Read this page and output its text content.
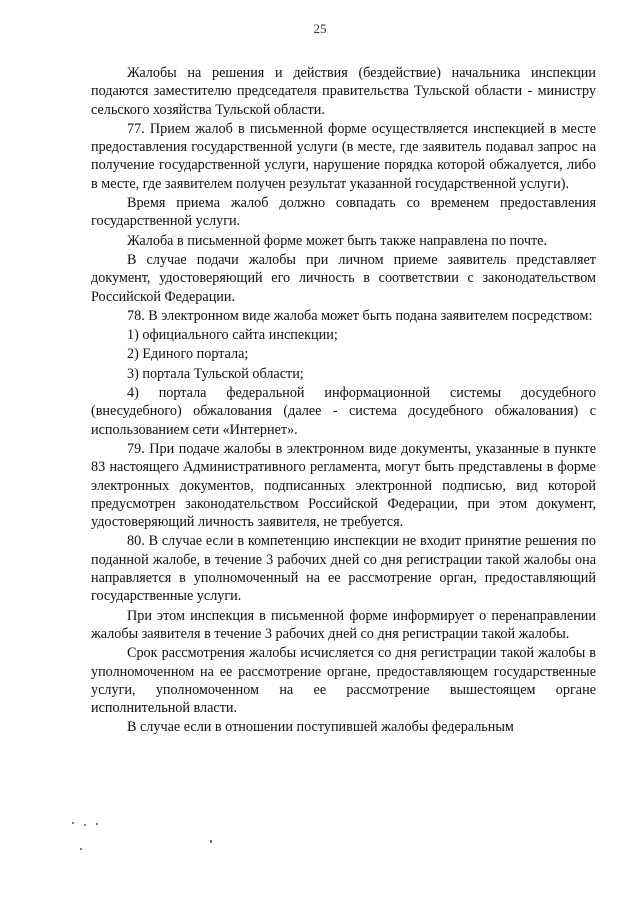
25

Жалобы на решения и действия (бездействие) начальника инспекции подаются заместителю председателя правительства Тульской области - министру сельского хозяйства Тульской области.

77. Прием жалоб в письменной форме осуществляется инспекцией в месте предоставления государственной услуги (в месте, где заявитель подавал запрос на получение государственной услуги, нарушение порядка которой обжалуется, либо в месте, где заявителем получен результат указанной государственной услуги).

Время приема жалоб должно совпадать со временем предоставления государственной услуги.

Жалоба в письменной форме может быть также направлена по почте.

В случае подачи жалобы при личном приеме заявитель представляет документ, удостоверяющий его личность в соответствии с законодательством Российской Федерации.

78. В электронном виде жалоба может быть подана заявителем посредством:

1) официального сайта инспекции;

2) Единого портала;

3) портала Тульской области;

4) портала федеральной информационной системы досудебного (внесудебного) обжалования (далее - система досудебного обжалования) с использованием сети «Интернет».

79. При подаче жалобы в электронном виде документы, указанные в пункте 83 настоящего Административного регламента, могут быть представлены в форме электронных документов, подписанных электронной подписью, вид которой предусмотрен законодательством Российской Федерации, при этом документ, удостоверяющий личность заявителя, не требуется.

80. В случае если в компетенцию инспекции не входит принятие решения по поданной жалобе, в течение 3 рабочих дней со дня регистрации такой жалобы она направляется в уполномоченный на ее рассмотрение орган, предоставляющий государственные услуги.

При этом инспекция в письменной форме информирует о перенаправлении жалобы заявителя в течение 3 рабочих дней со дня регистрации такой жалобы.

Срок рассмотрения жалобы исчисляется со дня регистрации такой жалобы в уполномоченном на ее рассмотрение органе, предоставляющем государственные услуги, уполномоченном на ее рассмотрение вышестоящем органе исполнительной власти.

В случае если в отношении поступившей жалобы федеральным
